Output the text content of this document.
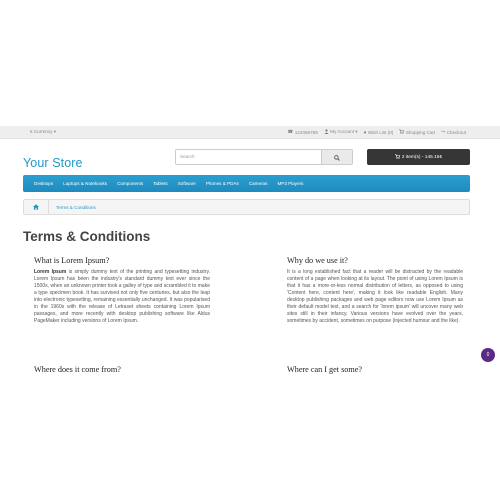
€ Currency ▾	☎ 123456789	My Account ▾ ♥ Wish List (0)	Shopping Cart ↪ Checkout
Your Store	Search	2 item(s) - 145.15€
Desktops	Laptops & Notebooks	Components	Tablets	Software	Phones & PDAs	Cameras	MP3 Players
Terms & Conditions
Terms & Conditions
What is Lorem Ipsum?

Lorem Ipsum is simply dummy text of the printing and typesetting industry. Lorem Ipsum has been the industry's standard dummy text ever since the 1500s, when an unknown printer took a galley of type and scrambled it to make a type specimen book. It has survived not only five centuries, but also the leap into electronic typesetting, remaining essentially unchanged. It was popularised in the 1960s with the release of Letraset sheets containing Lorem Ipsum passages, and more recently with desktop publishing software like Aldus PageMaker including versions of Lorem Ipsum.

Why do we use it?

It is a long established fact that a reader will be distracted by the readable content of a page when looking at its layout. The point of using Lorem Ipsum is that it has a more-or-less normal distribution of letters, as opposed to using 'Content here, content here', making it look like readable English. Many desktop publishing packages and web page editors now use Lorem Ipsum as their default model text, and a search for 'lorem ipsum' will uncover many web sites still in their infancy. Various versions have evolved over the years, sometimes by accident, sometimes on purpose (injected humour and the like).

Where does it come from?	Where can I get some?
0
